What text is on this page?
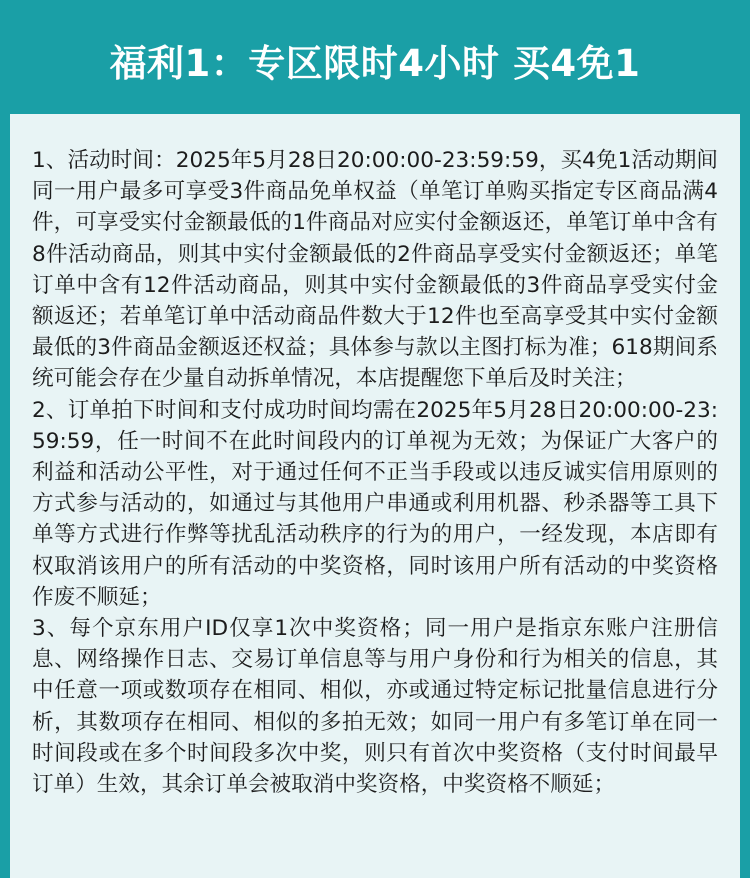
福利1：专区限时4小时 买4免1

1、活动时间：2025年5月28日20:00:00-23:59:59，买4免1活动期间同一用户最多可享受3件商品免单权益（单笔订单购买指定专区商品满4件，可享受实付金额最低的1件商品对应实付金额返还，单笔订单中含有8件活动商品，则其中实付金额最低的2件商品享受实付金额返还；单笔订单中含有12件活动商品，则其中实付金额最低的3件商品享受实付金额返还；若单笔订单中活动商品件数大于12件也至高享受其中实付金额最低的3件商品金额返还权益；具体参与款以主图打标为准；618期间系统可能会存在少量自动拆单情况，本店提醒您下单后及时关注；

2、订单拍下时间和支付成功时间均需在2025年5月28日20:00:00-23:59:59，任一时间不在此时间段内的订单视为无效；为保证广大客户的利益和活动公平性，对于通过任何不正当手段或以违反诚实信用原则的方式参与活动的，如通过与其他用户串通或利用机器、秒杀器等工具下单等方式进行作弊等扰乱活动秩序的行为的用户，一经发现，本店即有权取消该用户的所有活动的中奖资格，同时该用户所有活动的中奖资格作废不顺延；

3、每个京东用户ID仅享1次中奖资格；同一用户是指京东账户注册信息、网络操作日志、交易订单信息等与用户身份和行为相关的信息，其中任意一项或数项存在相同、相似，亦或通过特定标记批量信息进行分析，其数项存在相同、相似的多拍无效；如同一用户有多笔订单在同一时间段或在多个时间段多次中奖，则只有首次中奖资格（支付时间最早订单）生效，其余订单会被取消中奖资格，中奖资格不顺延；
